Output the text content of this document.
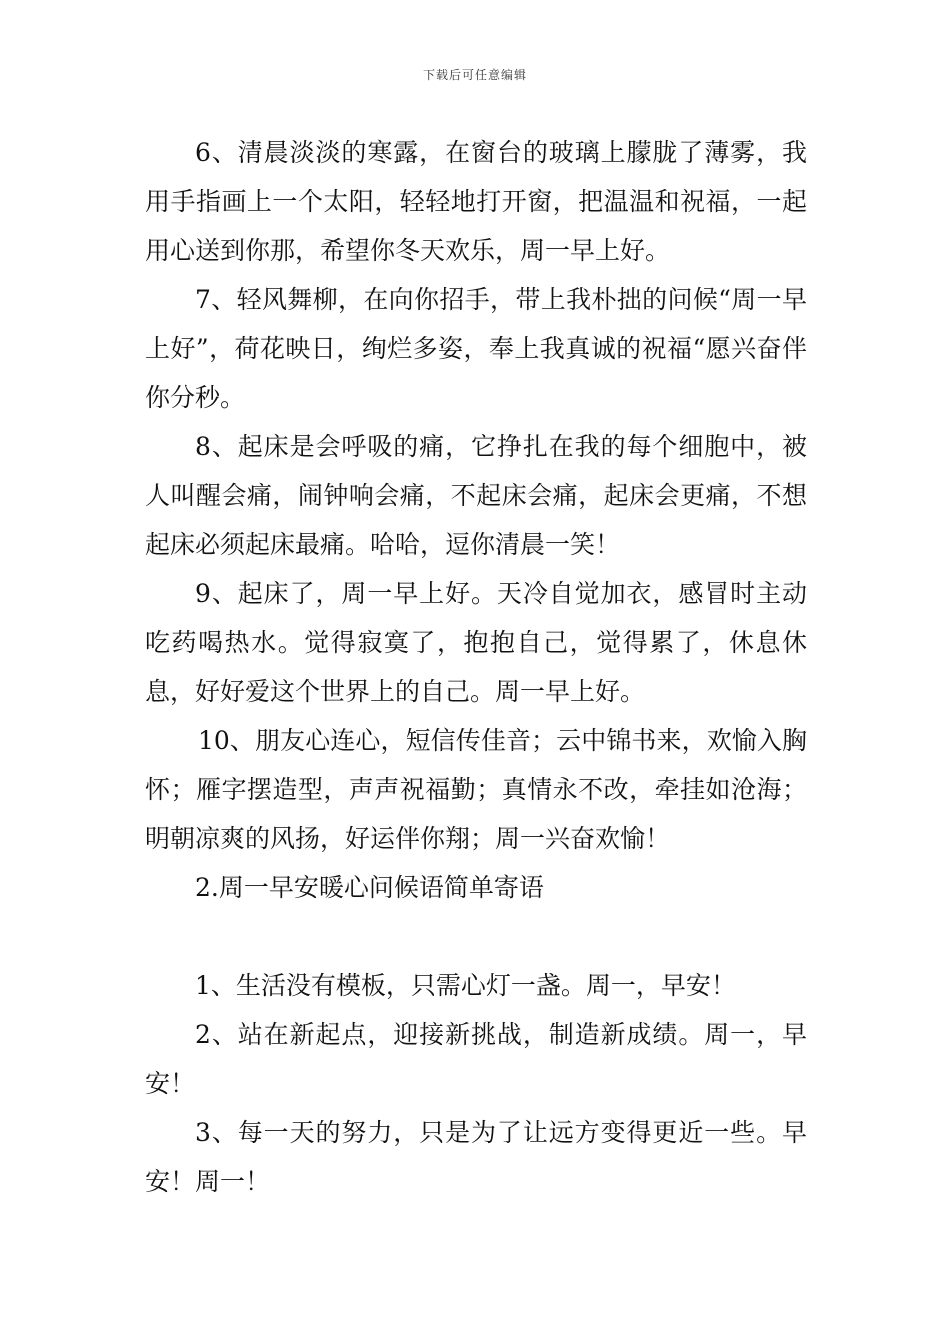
下载后可任意编辑

6、清晨淡淡的寒露，在窗台的玻璃上朦胧了薄雾，我用手指画上一个太阳，轻轻地打开窗，把温温和祝福，一起用心送到你那，希望你冬天欢乐，周一早上好。

7、轻风舞柳，在向你招手，带上我朴拙的问候“周一早上好”，荷花映日，绚烂多姿，奉上我真诚的祝福“愿兴奋伴你分秒。

8、起床是会呼吸的痛，它挣扎在我的每个细胞中，被人叫醒会痛，闹钟响会痛，不起床会痛，起床会更痛，不想起床必须起床最痛。哈哈，逗你清晨一笑！

9、起床了，周一早上好。天冷自觉加衣，感冒时主动吃药喝热水。觉得寂寞了，抱抱自己，觉得累了，休息休息，好好爱这个世界上的自己。周一早上好。

10、朋友心连心，短信传佳音；云中锦书来，欢愉入胸怀；雁字摆造型，声声祝福勤；真情永不改，牵挂如沧海；明朝凉爽的风扬，好运伴你翔；周一兴奋欢愉！

2.周一早安暖心问候语简单寄语

1、生活没有模板，只需心灯一盏。周一，早安！

2、站在新起点，迎接新挑战，制造新成绩。周一，早安！

3、每一天的努力，只是为了让远方变得更近一些。早安！周一！
